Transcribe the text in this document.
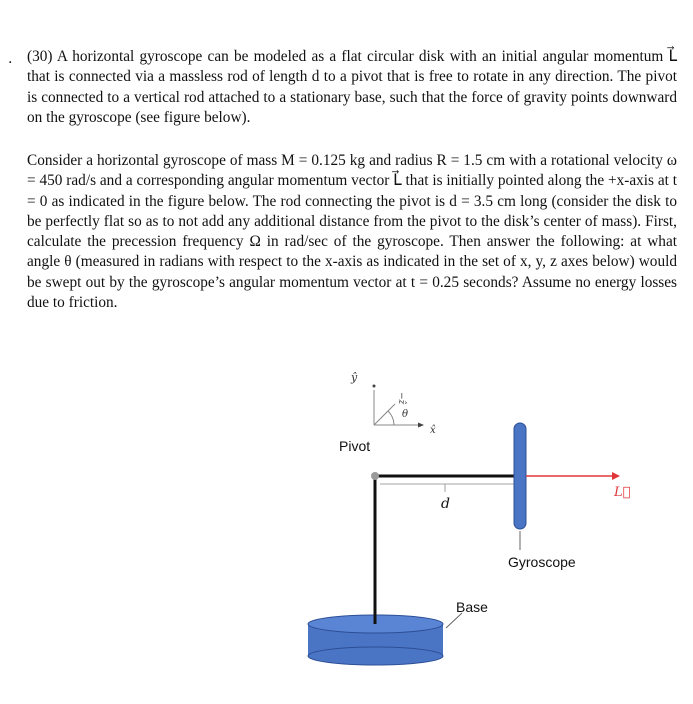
. (30) A horizontal gyroscope can be modeled as a flat circular disk with an initial angular momentum L⃗ that is connected via a massless rod of length d to a pivot that is free to rotate in any direction. The pivot is connected to a vertical rod attached to a stationary base, such that the force of gravity points downward on the gyroscope (see figure below).
Consider a horizontal gyroscope of mass M = 0.125 kg and radius R = 1.5 cm with a rotational velocity ω = 450 rad/s and a corresponding angular momentum vector L⃗ that is initially pointed along the +x-axis at t = 0 as indicated in the figure below. The rod connecting the pivot is d = 3.5 cm long (consider the disk to be perfectly flat so as to not add any additional distance from the pivot to the disk’s center of mass). First, calculate the precession frequency Ω in rad/sec of the gyroscope. Then answer the following: at what angle θ (measured in radians with respect to the x-axis as indicated in the set of x, y, z axes below) would be swept out by the gyroscope’s angular momentum vector at t = 0.25 seconds? Assume no energy losses due to friction.
ŷ
−ẑ
θ
x̂
d
L⃗
Pivot
Gyroscope
Base
